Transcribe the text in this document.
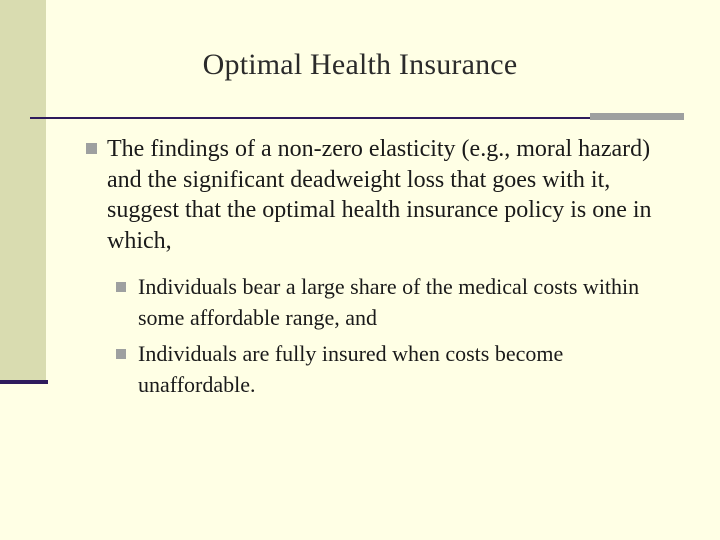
Optimal Health Insurance
The findings of a non-zero elasticity (e.g., moral hazard) and the significant deadweight loss that goes with it, suggest that the optimal health insurance policy is one in which,
Individuals bear a large share of the medical costs within some affordable range, and
Individuals are fully insured when costs become unaffordable.
